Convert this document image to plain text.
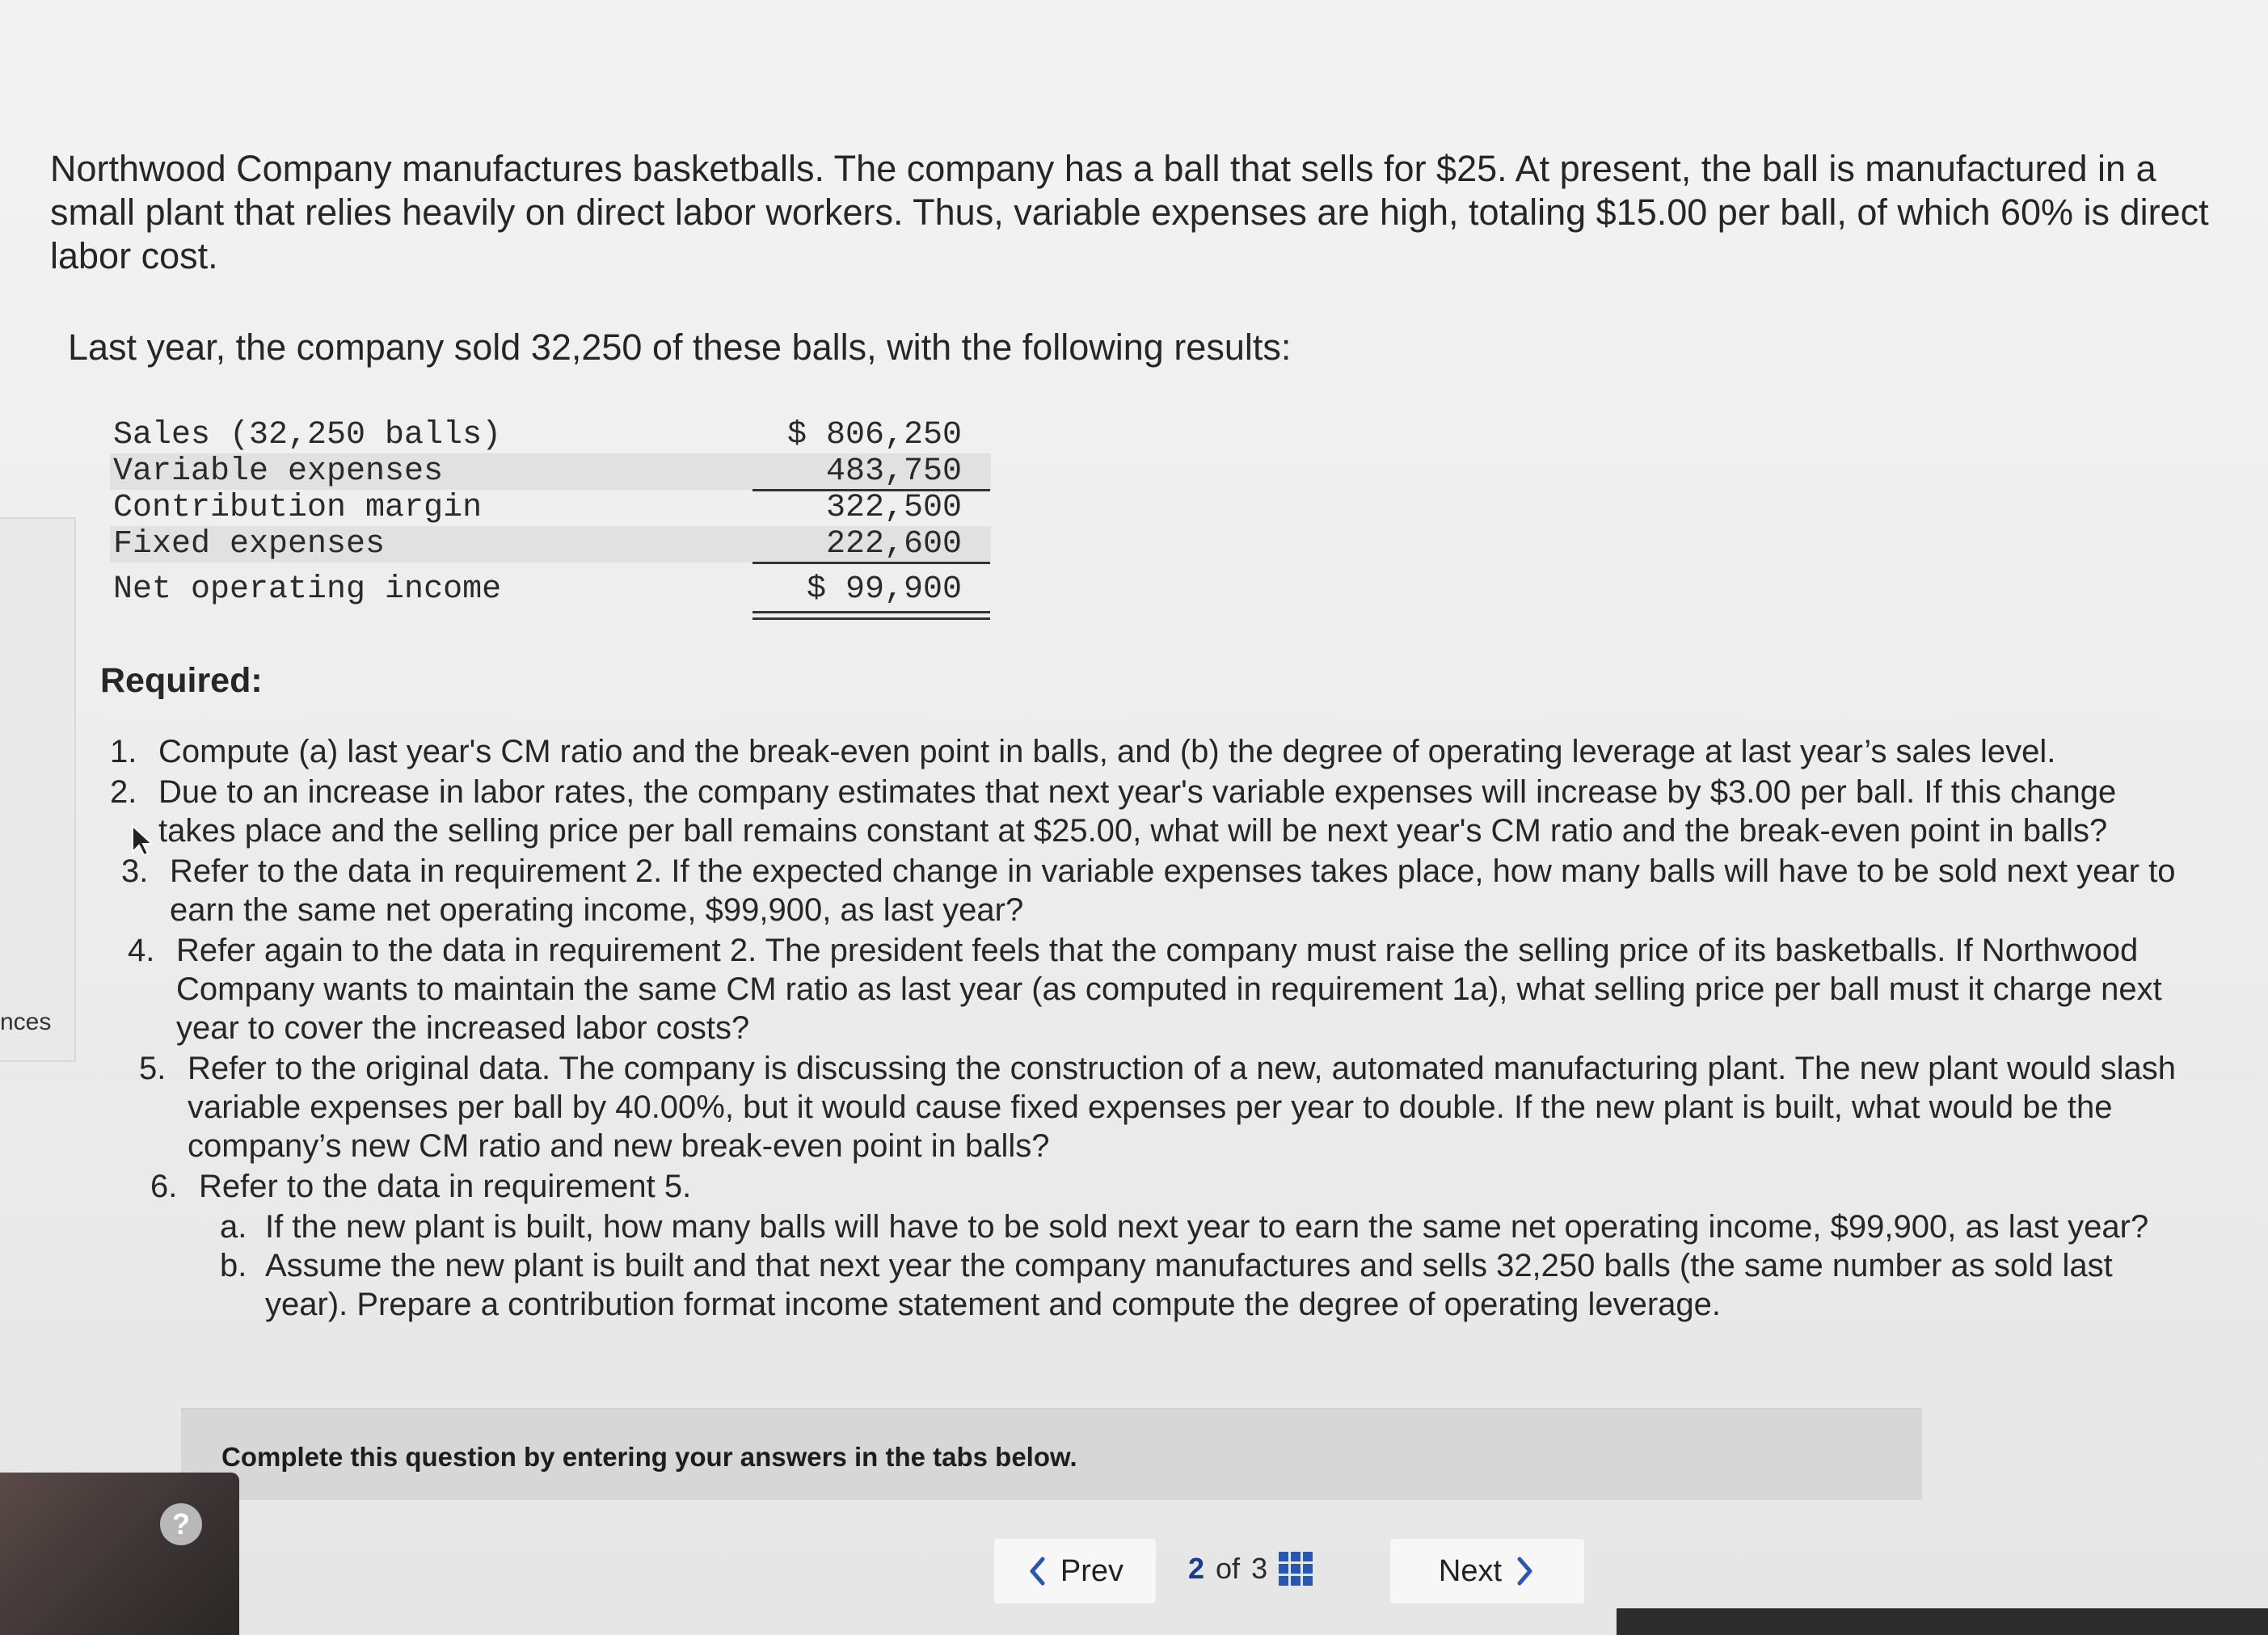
nces

Northwood Company manufactures basketballs. The company has a ball that sells for $25. At present, the ball is manufactured in a small plant that relies heavily on direct labor workers. Thus, variable expenses are high, totaling $15.00 per ball, of which 60% is direct labor cost.

Last year, the company sold 32,250 of these balls, with the following results:
Sales (32,250 balls)	$ 806,250
Variable expenses	483,750
Contribution margin	322,500
Fixed expenses	222,600
Net operating income	$ 99,900
Required:
1. Compute (a) last year's CM ratio and the break-even point in balls, and (b) the degree of operating leverage at last year’s sales level.
2. Due to an increase in labor rates, the company estimates that next year's variable expenses will increase by $3.00 per ball. If this change takes place and the selling price per ball remains constant at $25.00, what will be next year's CM ratio and the break-even point in balls?
3. Refer to the data in requirement 2. If the expected change in variable expenses takes place, how many balls will have to be sold next year to earn the same net operating income, $99,900, as last year?
4. Refer again to the data in requirement 2. The president feels that the company must raise the selling price of its basketballs. If Northwood Company wants to maintain the same CM ratio as last year (as computed in requirement 1a), what selling price per ball must it charge next year to cover the increased labor costs?
5. Refer to the original data. The company is discussing the construction of a new, automated manufacturing plant. The new plant would slash variable expenses per ball by 40.00%, but it would cause fixed expenses per year to double. If the new plant is built, what would be the company’s new CM ratio and new break-even point in balls?
6. Refer to the data in requirement 5.
a. If the new plant is built, how many balls will have to be sold next year to earn the same net operating income, $99,900, as last year?
b. Assume the new plant is built and that next year the company manufactures and sells 32,250 balls (the same number as sold last year). Prepare a contribution format income statement and compute the degree of operating leverage.
Complete this question by entering your answers in the tabs below.
?
Prev 2 of 3	Next
